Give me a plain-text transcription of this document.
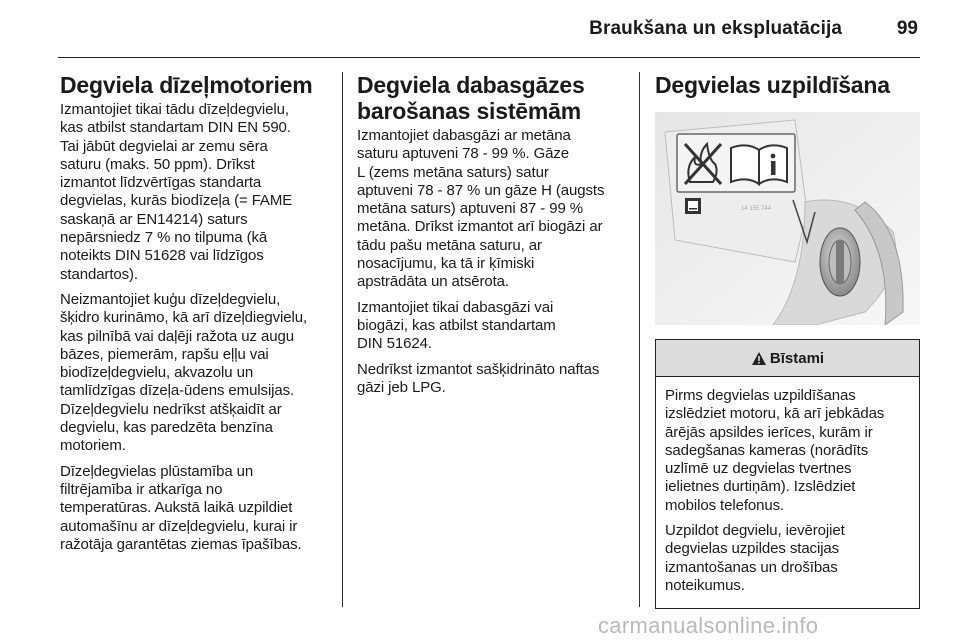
Braukšana un ekspluatācija	99
Degviela dīzeļmotoriem

Izmantojiet tikai tādu dīzeļdegvielu,
kas atbilst standartam DIN EN 590.
Tai jābūt degvielai ar zemu sēra
saturu (maks. 50 ppm). Drīkst
izmantot līdzvērtīgas standarta
degvielas, kurās biodīzeļa (= FAME
saskaņā ar EN14214) saturs
nepārsniedz 7 % no tilpuma (kā
noteikts DIN 51628 vai līdzīgos
standartos).

Neizmantojiet kuģu dīzeļdegvielu,
šķidro kurināmo, kā arī dīzeļdiegvielu,
kas pilnībā vai daļēji ražota uz augu
bāzes, piemerām, rapšu eļļu vai
biodīzeļdegvielu, akvazolu un
tamlīdzīgas dīzeļa-ūdens emulsijas.
Dīzeļdegvielu nedrīkst atšķaidīt ar
degvielu, kas paredzēta benzīna
motoriem.

Dīzeļdegvielas plūstamība un
filtrējamība ir atkarīga no
temperatūras. Aukstā laikā uzpildiet
automašīnu ar dīzeļdegvielu, kurai ir
ražotāja garantētas ziemas īpašības.

Degviela dabasgāzes
barošanas sistēmām

Izmantojiet dabasgāzi ar metāna
saturu aptuveni 78 - 99 %. Gāze
L (zems metāna saturs) satur
aptuveni 78 - 87 % un gāze H (augsts
metāna saturs) aptuveni 87 - 99 %
metāna. Drīkst izmantot arī biogāzi ar
tādu pašu metāna saturu, ar
nosacījumu, ka tā ir ķīmiski
apstrādāta un atsērota.

Izmantojiet tikai dabasgāzi vai
biogāzi, kas atbilst standartam
DIN 51624.

Nedrīkst izmantot sašķidrināto naftas
gāzi jeb LPG.

Degvielas uzpildīšana
14 155 744
Bīstami

Pirms degvielas uzpildīšanas
izslēdziet motoru, kā arī jebkādas
ārējās apsildes ierīces, kurām ir
sadegšanas kameras (norādīts
uzlīmē uz degvielas tvertnes
ielietnes durtiņām). Izslēdziet
mobilos telefonus.

Uzpildot degvielu, ievērojiet
degvielas uzpildes stacijas
izmantošanas un drošības
noteikumus.

carmanualsonline.info
